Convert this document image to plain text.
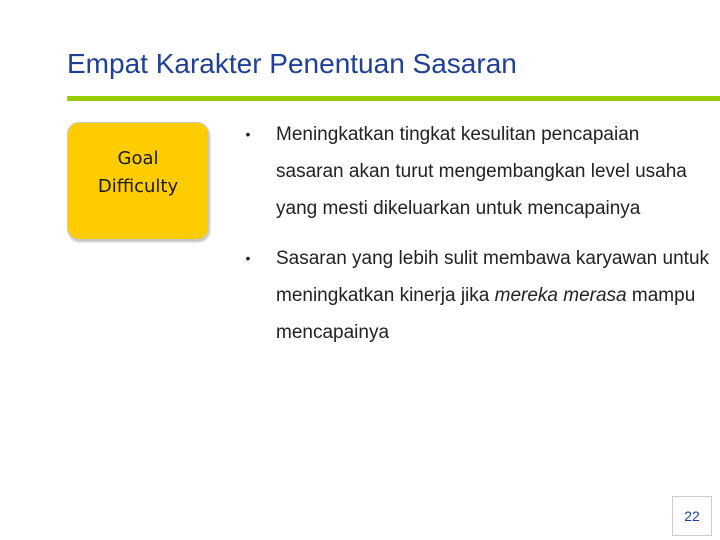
Empat Karakter Penentuan Sasaran
Goal
Difficulty
• Meningkatkan tingkat kesulitan pencapaian sasaran akan turut mengembangkan level usaha yang mesti dikeluarkan untuk mencapainya
• Sasaran yang lebih sulit membawa karyawan untuk meningkatkan kinerja jika mereka merasa mampu mencapainya
22
